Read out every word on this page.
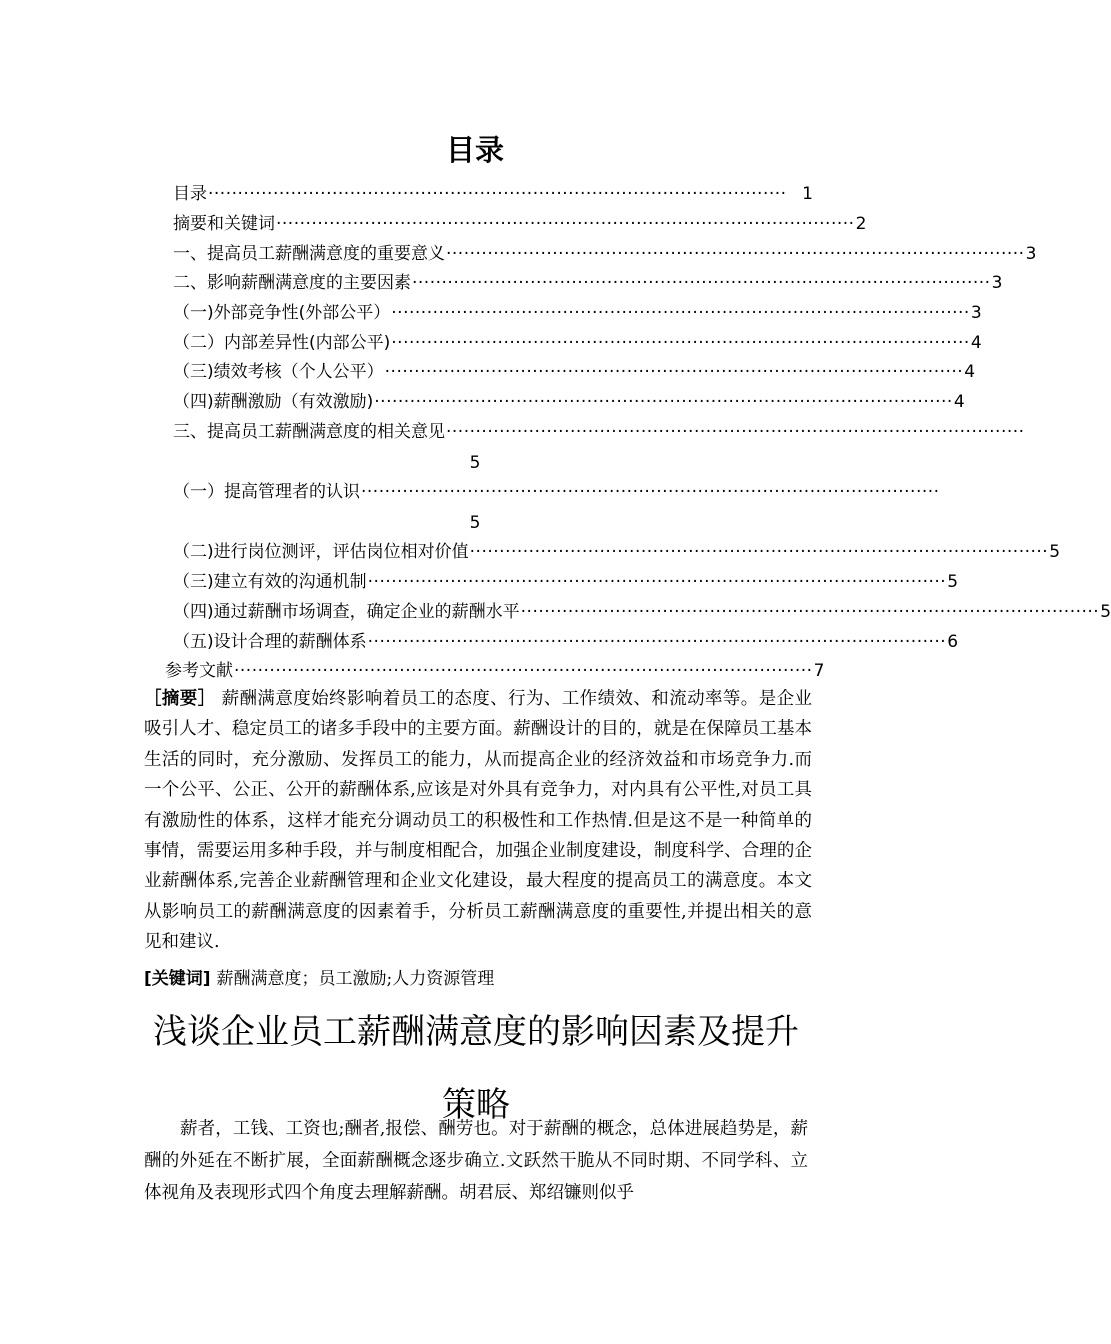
目录
目录 ·································································································· 1
摘要和关键词 ·································································································· 2
一、提高员工薪酬满意度的重要意义 ·································································································· 3
二、影响薪酬满意度的主要因素 ·································································································· 3
（一)外部竞争性(外部公平） ·································································································· 3
（二）内部差异性(内部公平) ·································································································· 4
（三)绩效考核（个人公平） ·································································································· 4
（四)薪酬激励（有效激励) ·································································································· 4
三、提高员工薪酬满意度的相关意见 ··································································································
5
（一）提高管理者的认识 ··································································································
5
（二)进行岗位测评，评估岗位相对价值 ·································································································· 5
（三)建立有效的沟通机制 ·································································································· 5
（四)通过薪酬市场调查，确定企业的薪酬水平 ·································································································· 5
（五)设计合理的薪酬体系 ·································································································· 6
参考文献 ·································································································· 7
［摘要］ 薪酬满意度始终影响着员工的态度、行为、工作绩效、和流动率等。是企业吸引人才、稳定员工的诸多手段中的主要方面。薪酬设计的目的，就是在保障员工基本生活的同时，充分激励、发挥员工的能力，从而提高企业的经济效益和市场竞争力.而一个公平、公正、公开的薪酬体系,应该是对外具有竞争力，对内具有公平性,对员工具有激励性的体系，这样才能充分调动员工的积极性和工作热情.但是这不是一种简单的事情，需要运用多种手段，并与制度相配合，加强企业制度建设，制度科学、合理的企业薪酬体系,完善企业薪酬管理和企业文化建设，最大程度的提高员工的满意度。本文从影响员工的薪酬满意度的因素着手，分析员工薪酬满意度的重要性,并提出相关的意见和建议.
[关键词] 薪酬满意度；员工激励;人力资源管理
浅谈企业员工薪酬满意度的影响因素及提升策略
薪者，工钱、工资也;酬者,报偿、酬劳也。对于薪酬的概念，总体进展趋势是，薪酬的外延在不断扩展，全面薪酬概念逐步确立.文跃然干脆从不同时期、不同学科、立体视角及表现形式四个角度去理解薪酬。胡君辰、郑绍镰则似乎
